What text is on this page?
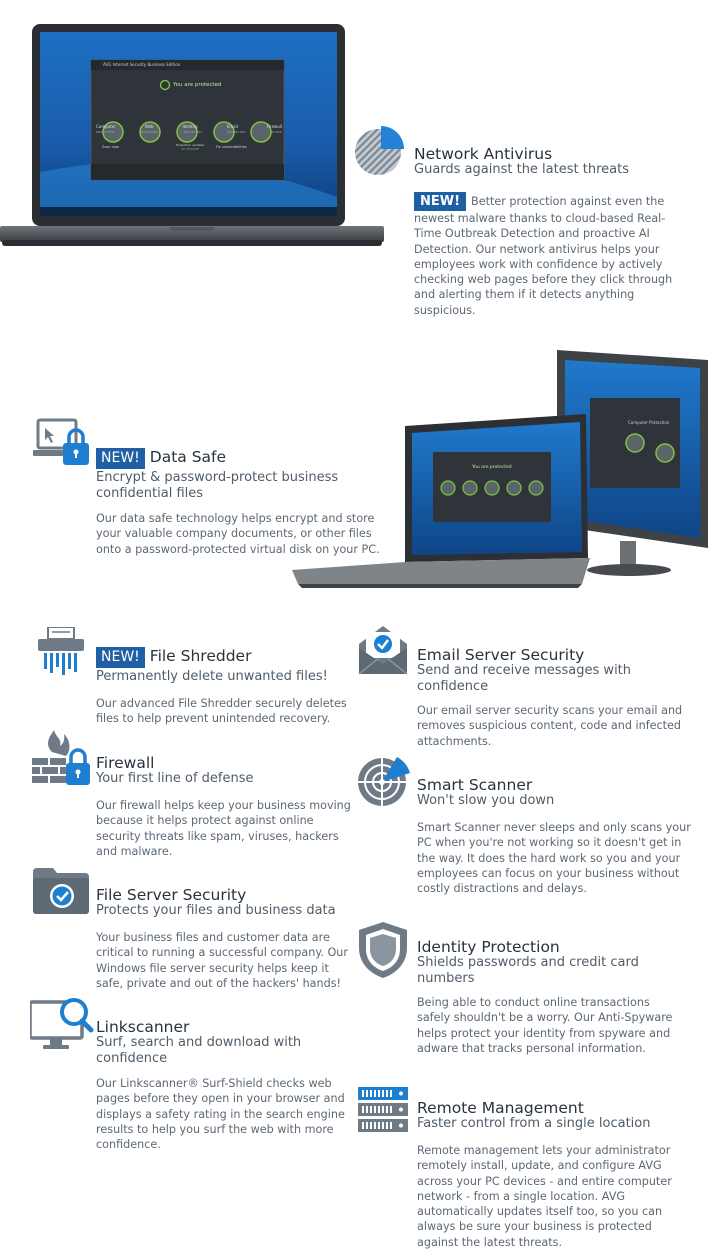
AVG Internet Security Business Edition
You are protected
Computer	Web	Identity	Email	Firewall
PROTECTED	PROTECTED	PROTECTED	PROTECTED	ACTIVE
Scan now	Protection updates
UP TO DATE	Fix vulnerabilities	Network Antivirus
Guards against the latest threats
NEW! Better protection against even the newest malware thanks to cloud-based Real-Time Outbreak Detection and proactive AI Detection. Our network antivirus helps your employees work with confidence by actively checking web pages before they click through and alerting them if it detects anything suspicious.
NEW! Data Safe
Encrypt & password-protect business confidential files
Our data safe technology helps encrypt and store your valuable company documents, or other files onto a password-protected virtual disk on your PC.
Computer Protection
You are protected
NEW! File Shredder
Permanently delete unwanted files!
Our advanced File Shredder securely deletes files to help prevent unintended recovery.
Firewall
Your first line of defense
Our firewall helps keep your business moving because it helps protect against online security threats like spam, viruses, hackers and malware.
File Server Security
Protects your files and business data
Your business files and customer data are critical to running a successful company. Our Windows file server security helps keep it safe, private and out of the hackers' hands!
Linkscanner
Surf, search and download with confidence
Our Linkscanner® Surf-Shield checks web pages before they open in your browser and displays a safety rating in the search engine results to help you surf the web with more confidence.
Email Server Security
Send and receive messages with confidence
Our email server security scans your email and removes suspicious content, code and infected attachments.
Smart Scanner
Won't slow you down
Smart Scanner never sleeps and only scans your PC when you're not working so it doesn't get in the way. It does the hard work so you and your employees can focus on your business without costly distractions and delays.
Identity Protection
Shields passwords and credit card numbers
Being able to conduct online transactions safely shouldn't be a worry. Our Anti-Spyware helps protect your identity from spyware and adware that tracks personal information.
Remote Management
Faster control from a single location
Remote management lets your administrator remotely install, update, and configure AVG across your PC devices - and entire computer network - from a single location. AVG automatically updates itself too, so you can always be sure your business is protected against the latest threats.
